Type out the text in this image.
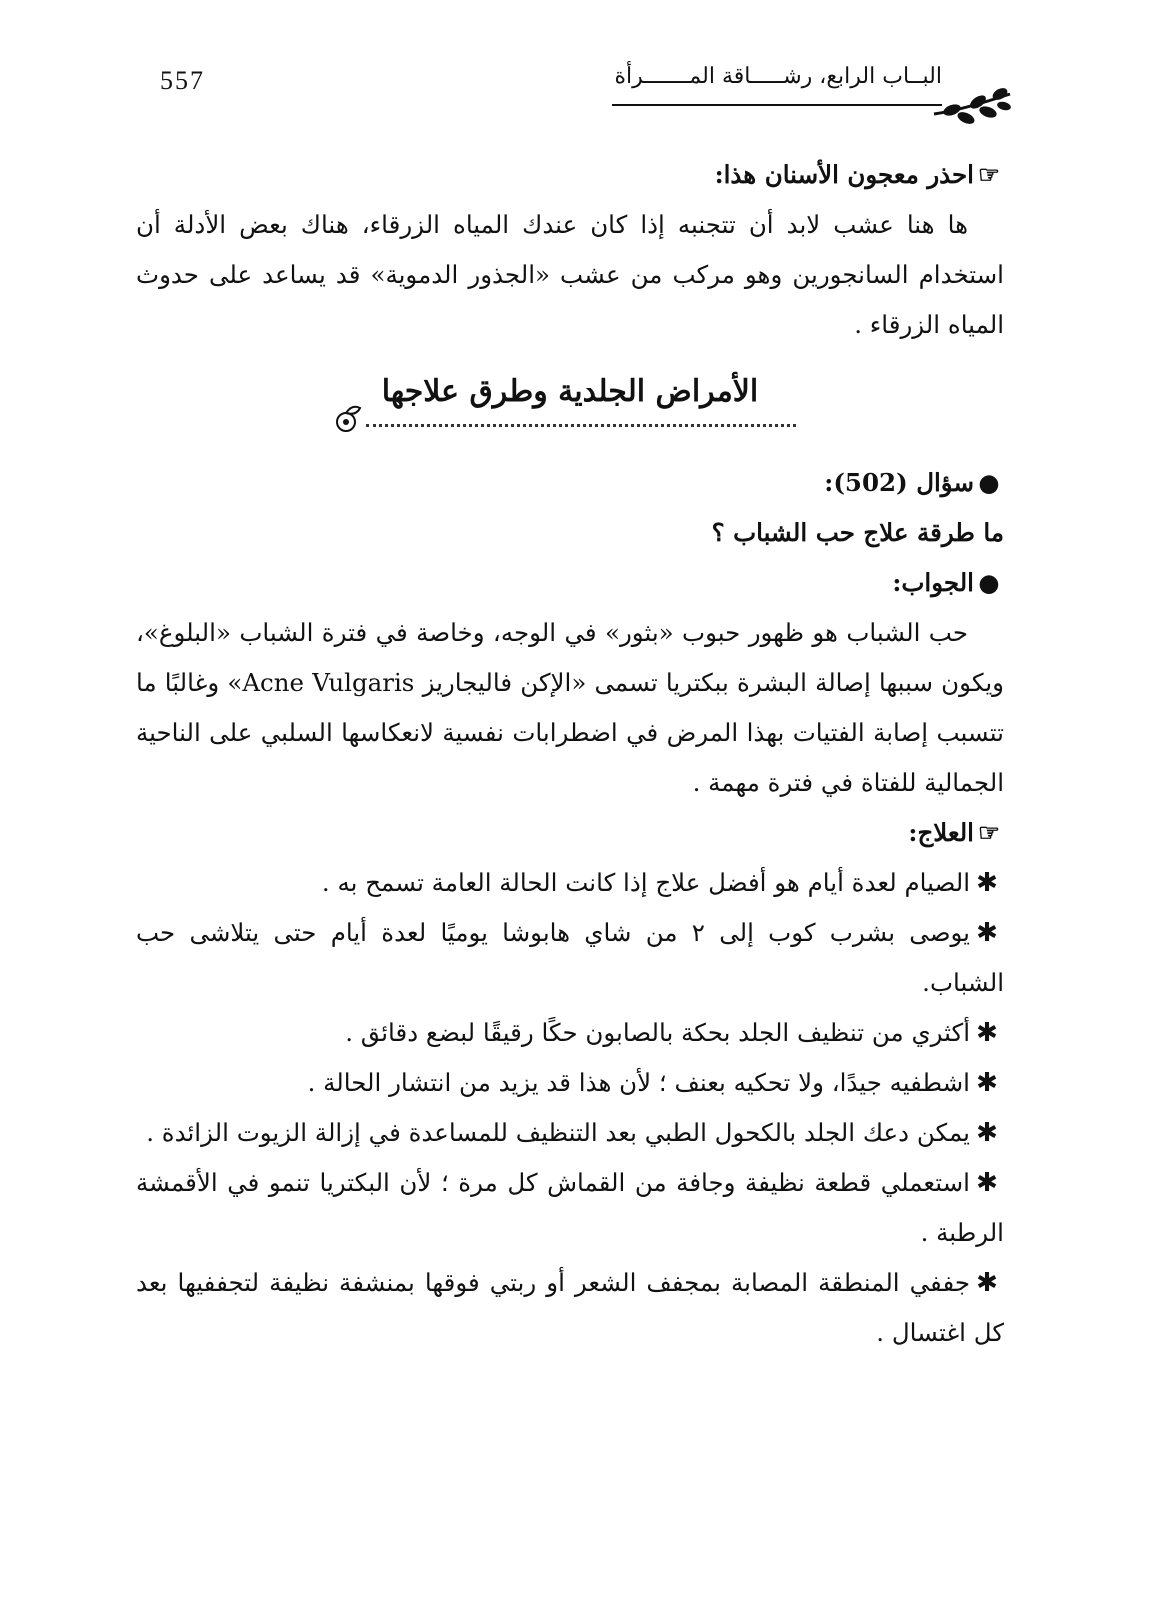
557	البــاب الرابع، رشـــــاقة المـــــــرأة

☞احذر معجون الأسنان هذا:

ها هنا عشب لابد أن تتجنبه إذا كان عندك المياه الزرقاء، هناك بعض الأدلة أن استخدام السانجورين وهو مركب من عشب «الجذور الدموية» قد يساعد على حدوث المياه الزرقاء .

الأمراض الجلدية وطرق علاجها

●سؤال (502):

ما طرقة علاج حب الشباب ؟

●الجواب:

حب الشباب هو ظهور حبوب «بثور» في الوجه، وخاصة في فترة الشباب «البلوغ»، ويكون سببها إصالة البشرة ببكتريا تسمى «الإكن فاليجاريز Acne Vulgaris» وغالبًا ما تتسبب إصابة الفتيات بهذا المرض في اضطرابات نفسية لانعكاسها السلبي على الناحية الجمالية للفتاة في فترة مهمة .

☞العلاج:

✱الصيام لعدة أيام هو أفضل علاج إذا كانت الحالة العامة تسمح به .

✱يوصى بشرب كوب إلى ٢ من شاي هابوشا يوميًا لعدة أيام حتى يتلاشى حب الشباب.

✱أكثري من تنظيف الجلد بحكة بالصابون حكًا رقيقًا لبضع دقائق .

✱اشطفيه جيدًا، ولا تحكيه بعنف ؛ لأن هذا قد يزيد من انتشار الحالة .

✱يمكن دعك الجلد بالكحول الطبي بعد التنظيف للمساعدة في إزالة الزيوت الزائدة .

✱استعملي قطعة نظيفة وجافة من القماش كل مرة ؛ لأن البكتريا تنمو في الأقمشة الرطبة .

✱جففي المنطقة المصابة بمجفف الشعر أو ربتي فوقها بمنشفة نظيفة لتجففيها بعد كل اغتسال .
